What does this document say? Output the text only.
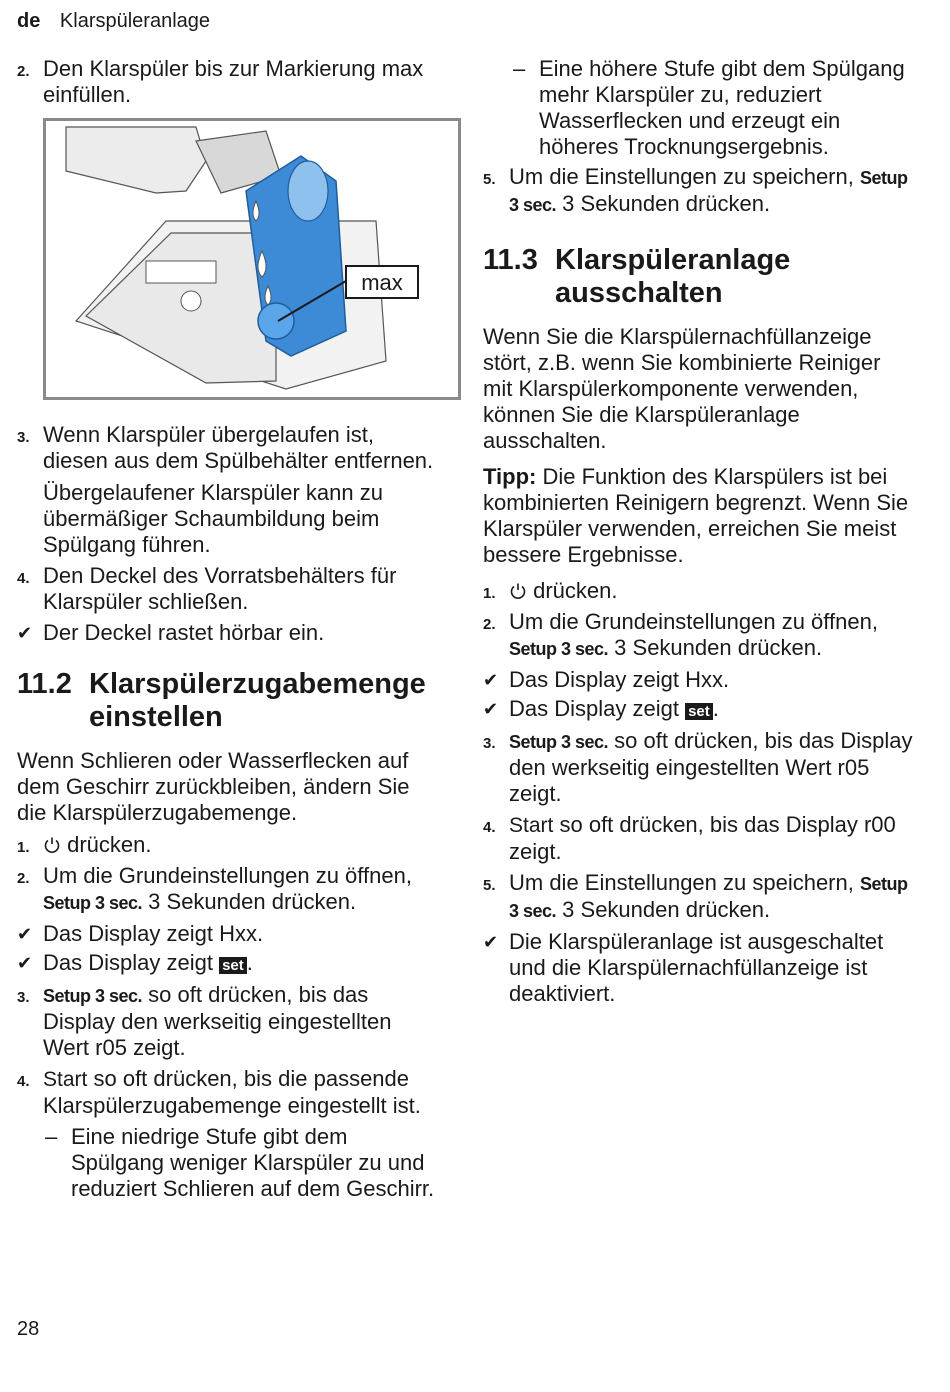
de Klarspüleranlage
2. Den Klarspüler bis zur Markierung max einfüllen.
max
3. Wenn Klarspüler übergelaufen ist, diesen aus dem Spülbehälter entfernen.
Übergelaufener Klarspüler kann zu übermäßiger Schaumbildung beim Spülgang führen.
4. Den Deckel des Vorratsbehälters für Klarspüler schließen.
✔ Der Deckel rastet hörbar ein.
11.2 Klarspülerzugabemenge einstellen

Wenn Schlieren oder Wasserflecken auf dem Geschirr zurückbleiben, ändern Sie die Klarspülerzugabemenge.

1. drücken.
2. Um die Grundeinstellungen zu öffnen, Setup 3 sec. 3 Sekunden drücken.
✔ Das Display zeigt Hxx.
✔ Das Display zeigt set .
3. Setup 3 sec. so oft drücken, bis das Display den werkseitig eingestellten Wert r05 zeigt.
4. Start so oft drücken, bis die passende Klarspülerzugabemenge eingestellt ist.
– Eine niedrige Stufe gibt dem Spülgang weniger Klarspüler zu und reduziert Schlieren auf dem Geschirr.
– Eine höhere Stufe gibt dem Spülgang mehr Klarspüler zu, reduziert Wasserflecken und erzeugt ein höheres Trocknungsergebnis.
5. Um die Einstellungen zu speichern, Setup 3 sec. 3 Sekunden drücken.
11.3 Klarspüleranlage ausschalten

Wenn Sie die Klarspülernachfüllanzeige stört, z.B. wenn Sie kombinierte Reiniger mit Klarspülerkomponente verwenden, können Sie die Klarspüleranlage ausschalten.

Tipp: Die Funktion des Klarspülers ist bei kombinierten Reinigern begrenzt. Wenn Sie Klarspüler verwenden, erreichen Sie meist bessere Ergebnisse.

1. drücken.
2. Um die Grundeinstellungen zu öffnen, Setup 3 sec. 3 Sekunden drücken.
✔ Das Display zeigt Hxx.
✔ Das Display zeigt set .
3. Setup 3 sec. so oft drücken, bis das Display den werkseitig eingestellten Wert r05 zeigt.
4. Start so oft drücken, bis das Display r00 zeigt.
5. Um die Einstellungen zu speichern, Setup 3 sec. 3 Sekunden drücken.
✔ Die Klarspüleranlage ist ausgeschaltet und die Klarspülernachfüllanzeige ist deaktiviert.
28
